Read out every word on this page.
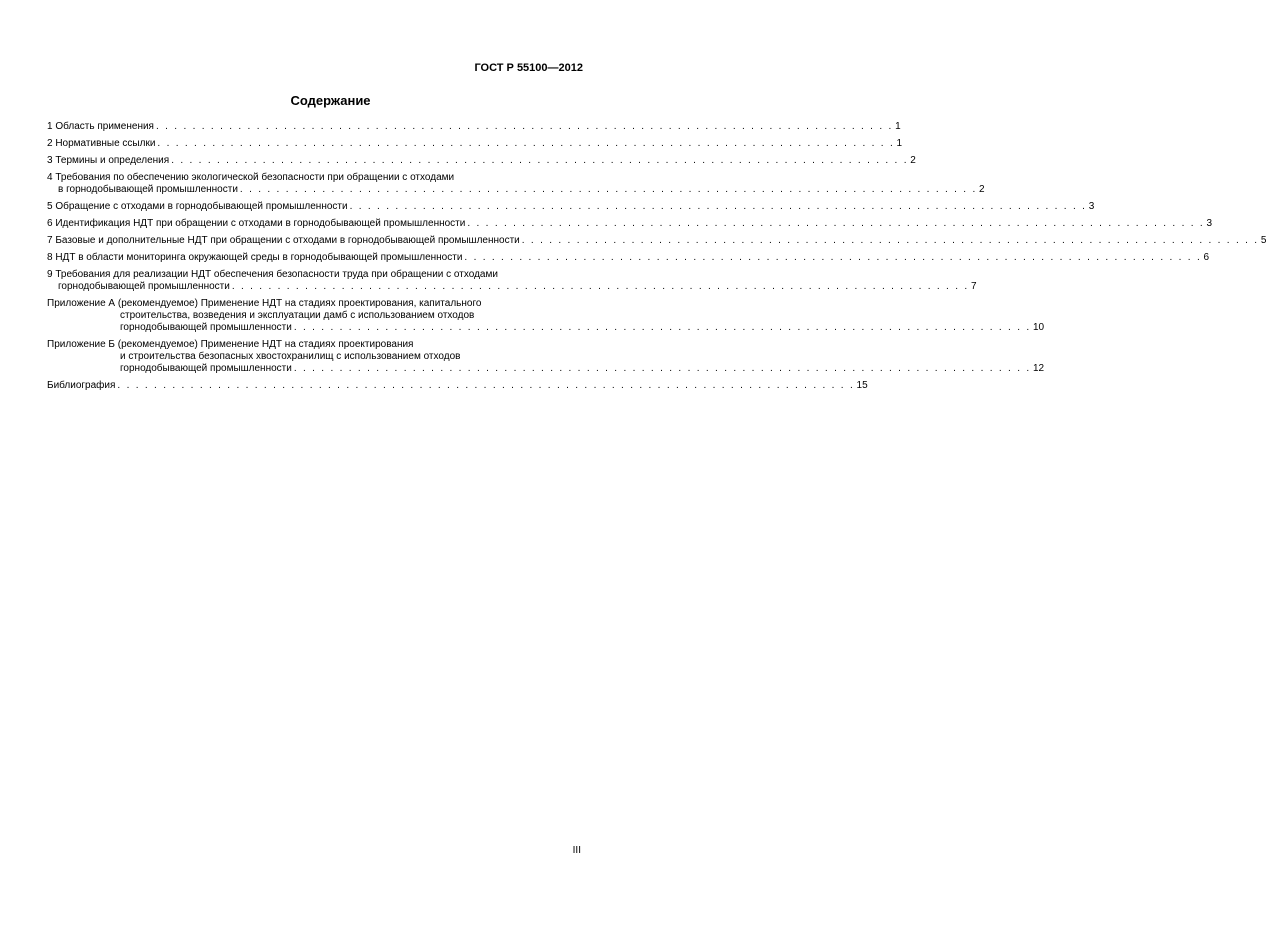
ГОСТ Р 55100—2012
Содержание
1 Область применения . . . . . . . . . . . . . . . . . . . . . . . . . . . . . . . . . . . . . . . . . . . . . . . . . . . . . . . . . . . . . . . . . . . . . . . . . . . . . . . . . 1
2 Нормативные ссылки . . . . . . . . . . . . . . . . . . . . . . . . . . . . . . . . . . . . . . . . . . . . . . . . . . . . . . . . . . . . . . . . . . . . . . . . . . . . . . . . . 1
3 Термины и определения . . . . . . . . . . . . . . . . . . . . . . . . . . . . . . . . . . . . . . . . . . . . . . . . . . . . . . . . . . . . . . . . . . . . . . . . . . . . . . . . . 2
4 Требования по обеспечению экологической безопасности при обращении с отходами
в горнодобывающей промышленности . . . . . . . . . . . . . . . . . . . . . . . . . . . . . . . . . . . . . . . . . . . . . . . . . . . . . . . . . . . . . . . . . . . . . . . . . . . . . . . . . 2
5 Обращение с отходами в горнодобывающей промышленности . . . . . . . . . . . . . . . . . . . . . . . . . . . . . . . . . . . . . . . . . . . . . . . . . . . . . . . . . . . . . . . . . . . . . . . . . . . . . . . . . 3
6 Идентификация НДТ при обращении с отходами в горнодобывающей промышленности . . . . . . . . . . . . . . . . . . . . . . . . . . . . . . . . . . . . . . . . . . . . . . . . . . . . . . . . . . . . . . . . . . . . . . . . . . . . . . . . . 3
7 Базовые и дополнительные НДТ при обращении с отходами в горнодобывающей промышленности . . . . . . . . . . . . . . . . . . . . . . . . . . . . . . . . . . . . . . . . . . . . . . . . . . . . . . . . . . . . . . . . . . . . . . . . . . . . . . . . . 5
8 НДТ в области мониторинга окружающей среды в горнодобывающей промышленности . . . . . . . . . . . . . . . . . . . . . . . . . . . . . . . . . . . . . . . . . . . . . . . . . . . . . . . . . . . . . . . . . . . . . . . . . . . . . . . . . 6
9 Требования для реализации НДТ обеспечения безопасности труда при обращении с отходами
горнодобывающей промышленности . . . . . . . . . . . . . . . . . . . . . . . . . . . . . . . . . . . . . . . . . . . . . . . . . . . . . . . . . . . . . . . . . . . . . . . . . . . . . . . . . 7
Приложение А (рекомендуемое) Применение НДТ на стадиях проектирования, капитального
строительства, возведения и эксплуатации дамб с использованием отходов
горнодобывающей промышленности . . . . . . . . . . . . . . . . . . . . . . . . . . . . . . . . . . . . . . . . . . . . . . . . . . . . . . . . . . . . . . . . . . . . . . . . . . . . . . . . . 10
Приложение Б (рекомендуемое) Применение НДТ на стадиях проектирования
и строительства безопасных хвостохранилищ с использованием отходов
горнодобывающей промышленности . . . . . . . . . . . . . . . . . . . . . . . . . . . . . . . . . . . . . . . . . . . . . . . . . . . . . . . . . . . . . . . . . . . . . . . . . . . . . . . . . 12
Библиография . . . . . . . . . . . . . . . . . . . . . . . . . . . . . . . . . . . . . . . . . . . . . . . . . . . . . . . . . . . . . . . . . . . . . . . . . . . . . . . . . 15
III
